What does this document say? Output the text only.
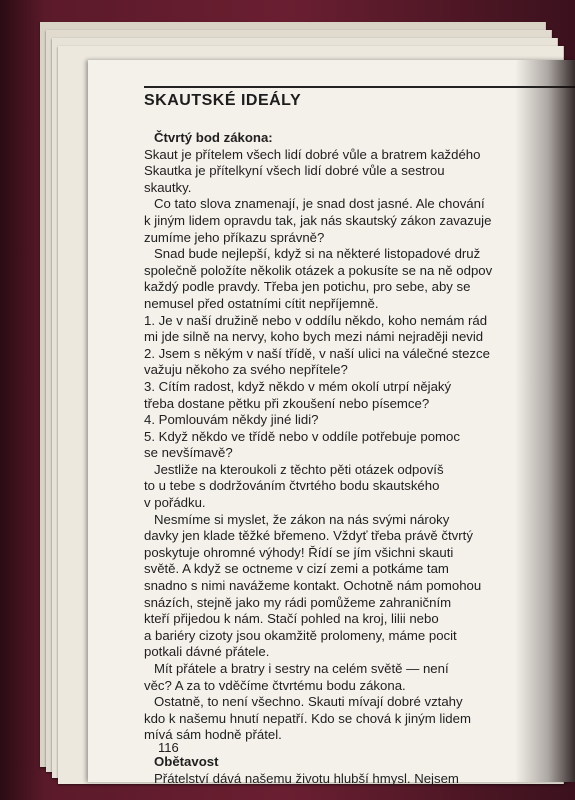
SKAUTSKÉ IDEÁLY
Čtvrtý bod zákona:
Skaut je přítelem všech lidí dobré vůle a bratrem každého
Skautka je přítelkyní všech lidí dobré vůle a sestrou
skautky.
Co tato slova znamenají, je snad dost jasné. Ale chování
k jiným lidem opravdu tak, jak nás skautský zákon zavazuje
zumíme jeho příkazu správně?
Snad bude nejlepší, když si na některé listopadové druž
společně položíte několik otázek a pokusíte se na ně odpov
každý podle pravdy. Třeba jen potichu, pro sebe, aby se
nemusel před ostatními cítit nepříjemně.
1. Je v naší družině nebo v oddílu někdo, koho nemám rád
mi jde silně na nervy, koho bych mezi námi nejraději nevid
2. Jsem s někým v naší třídě, v naší ulici na válečné stezce
važuju někoho za svého nepřítele?
3. Cítím radost, když někdo v mém okolí utrpí nějaký
třeba dostane pětku při zkoušení nebo písemce?
4. Pomlouvám někdy jiné lidi?
5. Když někdo ve třídě nebo v oddíle potřebuje pomoc
se nevšímavě?
Jestliže na kteroukoli z těchto pěti otázek odpovíš
to u tebe s dodržováním čtvrtého bodu skautského
v pořádku.
Nesmíme si myslet, že zákon na nás svými nároky
davky jen klade těžké břemeno. Vždyť třeba právě čtvrtý
poskytuje ohromné výhody! Řídí se jím všichni skauti
světě. A když se octneme v cizí zemi a potkáme tam
snadno s nimi navážeme kontakt. Ochotně nám pomohou
snázích, stejně jako my rádi pomůžeme zahraničním
kteří přijedou k nám. Stačí pohled na kroj, lilii nebo
a bariéry cizoty jsou okamžitě prolomeny, máme pocit
potkali dávné přátele.
Mít přátele a bratry i sestry na celém světě — není
věc? A za to vděčíme čtvrtému bodu zákona.
Ostatně, to není všechno. Skauti mívají dobré vztahy
kdo k našemu hnutí nepatří. Kdo se chová k jiným lidem
mívá sám hodně přátel.
Obětavost
Přátelství dává našemu životu hlubší hmysl. Nejsem
116
